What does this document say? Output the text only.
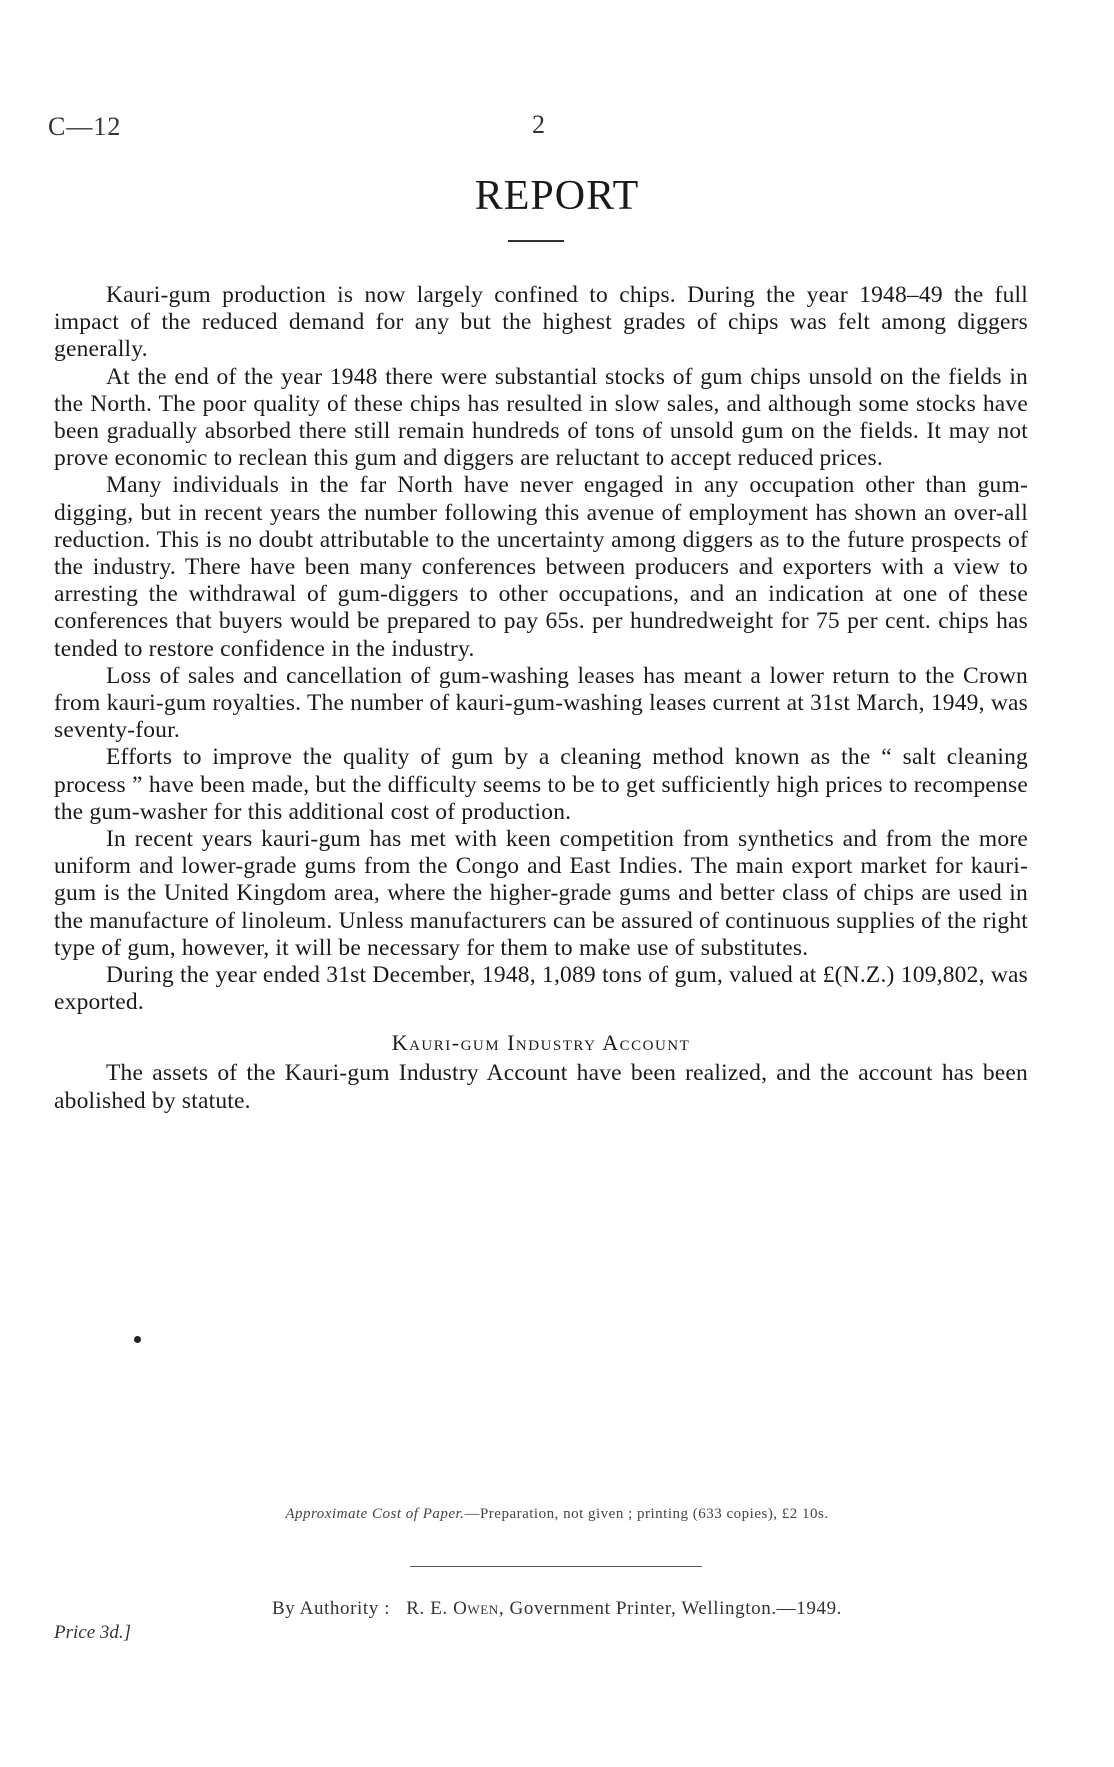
C—12	2
REPORT

Kauri-gum production is now largely confined to chips. During the year 1948–49 the full impact of the reduced demand for any but the highest grades of chips was felt among diggers generally.

At the end of the year 1948 there were substantial stocks of gum chips unsold on the fields in the North. The poor quality of these chips has resulted in slow sales, and although some stocks have been gradually absorbed there still remain hundreds of tons of unsold gum on the fields. It may not prove economic to reclean this gum and diggers are reluctant to accept reduced prices.

Many individuals in the far North have never engaged in any occupation other than gum-digging, but in recent years the number following this avenue of employment has shown an over-all reduction. This is no doubt attributable to the uncertainty among diggers as to the future prospects of the industry. There have been many conferences between producers and exporters with a view to arresting the withdrawal of gum-diggers to other occupations, and an indication at one of these conferences that buyers would be prepared to pay 65s. per hundredweight for 75 per cent. chips has tended to restore confidence in the industry.

Loss of sales and cancellation of gum-washing leases has meant a lower return to the Crown from kauri-gum royalties. The number of kauri-gum-washing leases current at 31st March, 1949, was seventy-four.

Efforts to improve the quality of gum by a cleaning method known as the “ salt cleaning process ” have been made, but the difficulty seems to be to get sufficiently high prices to recompense the gum-washer for this additional cost of production.

In recent years kauri-gum has met with keen competition from synthetics and from the more uniform and lower-grade gums from the Congo and East Indies. The main export market for kauri-gum is the United Kingdom area, where the higher-grade gums and better class of chips are used in the manufacture of linoleum. Unless manufacturers can be assured of continuous supplies of the right type of gum, however, it will be necessary for them to make use of substitutes.

During the year ended 31st December, 1948, 1,089 tons of gum, valued at £(N.Z.) 109,802, was exported.

Kauri-gum Industry Account

The assets of the Kauri-gum Industry Account have been realized, and the account has been abolished by statute.

Approximate Cost of Paper.—Preparation, not given ; printing (633 copies), £2 10s.
By Authority : R. E. Owen, Government Printer, Wellington.—1949.
Price 3d.]
